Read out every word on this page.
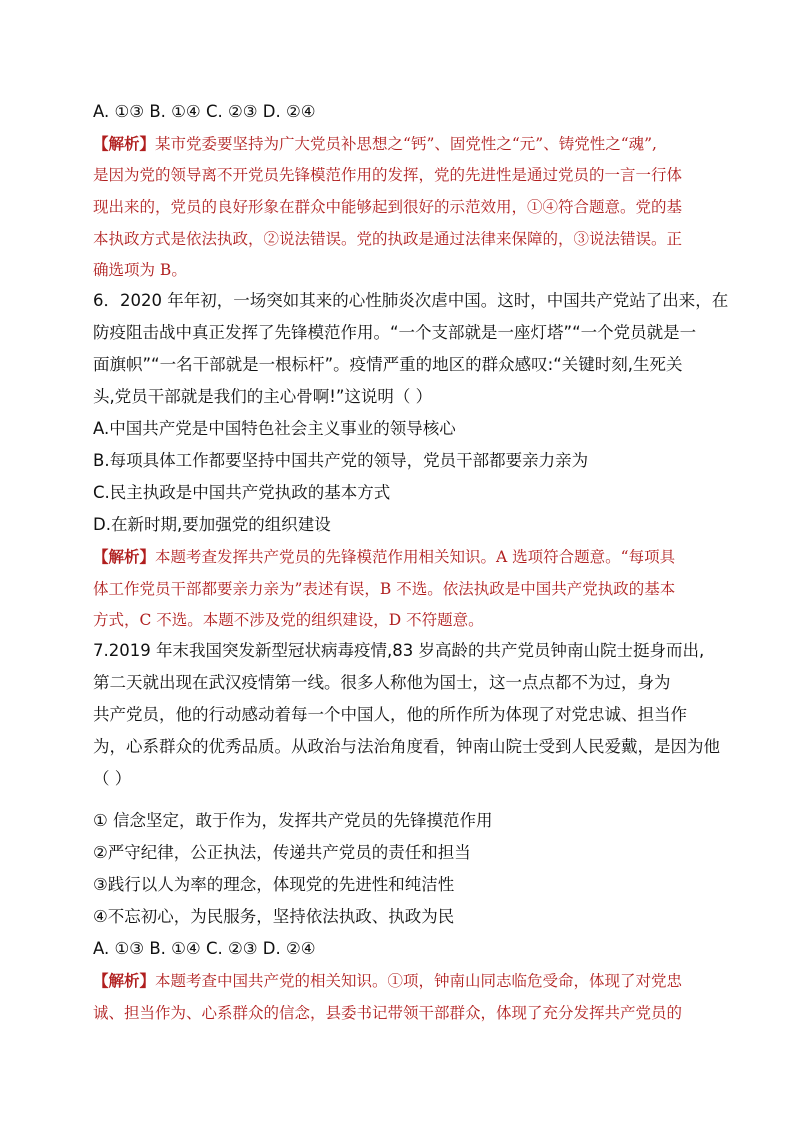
A. ①③ B. ①④ C. ②③ D. ②④
【解析】某市党委要坚持为广大党员补思想之“钙”、固党性之“元”、铸党性之“魂”,
是因为党的领导离不开党员先锋模范作用的发挥，党的先进性是通过党员的一言一行体
现出来的，党员的良好形象在群众中能够起到很好的示范效用，①④符合题意。党的基
本执政方式是依法执政，②说法错误。党的执政是通过法律来保障的，③说法错误。正
确选项为 B。
6．2020 年年初，一场突如其来的心性肺炎次虐中国。这时，中国共产党站了出来，在
防疫阻击战中真正发挥了先锋模范作用。“一个支部就是一座灯塔”“一个党员就是一
面旗帜”“一名干部就是一根标杆”。疫情严重的地区的群众感叹:“关键时刻,生死关
头,党员干部就是我们的主心骨啊!”这说明（ ）
A.中国共产党是中国特色社会主义事业的领导核心
B.每项具体工作都要坚持中国共产党的领导，党员干部都要亲力亲为
C.民主执政是中国共产党执政的基本方式
D.在新时期,要加强党的组织建设
【解析】本题考查发挥共产党员的先锋模范作用相关知识。A 选项符合题意。“每项具
体工作党员干部都要亲力亲为”表述有误，B 不选。依法执政是中国共产党执政的基本
方式，C 不选。本题不涉及党的组织建设，D 不符题意。
7.2019 年末我国突发新型冠状病毒疫情,83 岁高龄的共产党员钟南山院士挺身而出,
第二天就出现在武汉疫情第一线。很多人称他为国士，这一点点都不为过，身为
共产党员，他的行动感动着每一个中国人，他的所作所为体现了对党忠诚、担当作
为，心系群众的优秀品质。从政治与法治角度看，钟南山院士受到人民爱戴，是因为他
（ ）
① 信念坚定，敢于作为，发挥共产党员的先锋摸范作用
②严守纪律，公正执法，传递共产党员的责任和担当
③践行以人为率的理念，体现党的先进性和纯洁性
④不忘初心，为民服务，坚持依法执政、执政为民
A. ①③ B. ①④ C. ②③ D. ②④
【解析】本题考查中国共产党的相关知识。①项，钟南山同志临危受命，体现了对党忠
诚、担当作为、心系群众的信念，县委书记带领干部群众，体现了充分发挥共产党员的
